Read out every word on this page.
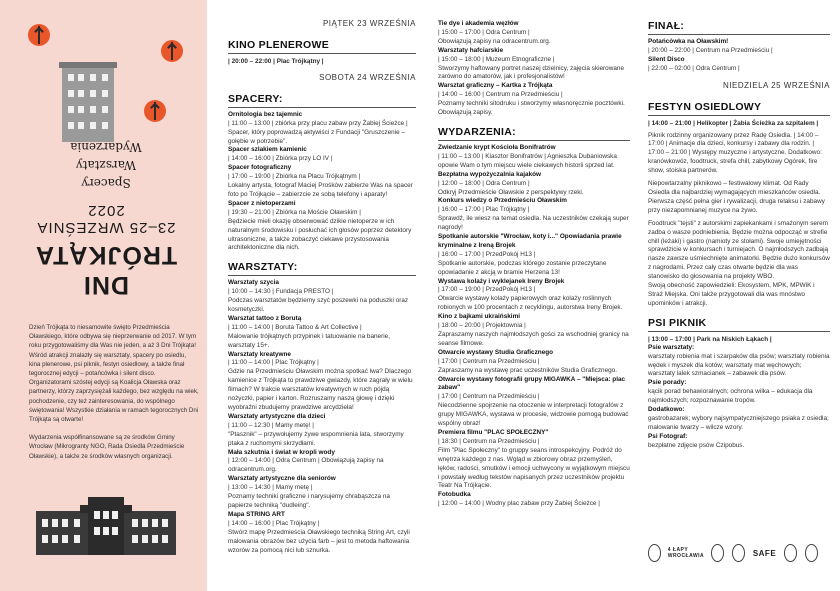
DNI TRÓJKĄTA
23–25 WRZEŚNIA 2022
Spacery
Warsztaty
Wydarzenia

Dzień Trójkąta to niesamowite święto Przedmieścia Oławskiego, które odbywa się nieprzerwanie od 2017. W tym roku przygotowaliśmy dla Was nie jeden, a aż 3 Dni Trójkąta! Wśród atrakcji znalazły się warsztaty, spacery po osiedlu, kina plenerowe, psi piknik, festyn osiedlowy, a także finał tegorocznej edycji – potańcówka i silent disco. Organizatorami szóstej edycji są Koalicja Oławska oraz partnerzy, którzy zaprzysiężali każdego, bez względu na wiek, pochodzenie, czy też zainteresowania, do wspólnego świętowania! Wszystkie działania w ramach tegorocznych Dni Trójkąta są otwarte!

Wydarzenia współfinansowane są ze środków Gminy Wrocław (Mikrogranty NGO, Rada Osiedla Przedmieście Oławskie), a także ze środków własnych organizacji.

PIĄTEK 23 WRZEŚNIA
KINO PLENEROWE
| 20:00 – 22:00 | Plac Trójkątny |
SOBOTA 24 WRZEŚNIA
SPACERY:
Ornitologia bez tajemnic
| 11:00 – 13:00 | zbiórka przy placu zabaw przy Żabiej Ścieżce |
Spacer, który poprowadzą aktywiści z Fundacji "Gruszczenie – gołębie w potrzebie".
Spacer szlakiem kamienic
| 14:00 – 16:00 | Zbiórka przy LO IV |
Spacer fotograficzny
| 17:00 – 19:00 | Zbiórka na Placu Trójkątnym |
Lokalny artysta, fotograf Maciej Prośków zabierze Was na spacer foto po Trójkącie – zabierzcie ze sobą telefony i aparaty!
Spacer z nietoperzami
| 19:30 – 21:00 | Zbiórka na Moście Oławskim |
Będziecie mieli okazję obserwować dzikie nietoperze w ich naturalnym środowisku i posłuchać ich głosów poprzez detektory ultrasoniczne, a także zobaczyć ciekawe przystosowania architektoniczne dla nich.
WARSZTATY:
Warsztaty szycia
| 10:00 – 14:30 | Fundacja PRESTO |
Podczas warsztatów będziemy szyć poszewki na poduszki oraz kosmetyczki.
Warsztat tattoo z Borutą
| 11:00 – 14:00 | Boruta Tattoo & Art Collective |
Malowanie trójkątnych przypinek i tatuowanie na banerie, warsztaty 15+.
Warsztaty kreatywne
| 11:00 – 14:00 | Plac Trójkątny |
Gdzie na Przedmieściu Oławskim można spotkać lwa? Dlaczego kamienice z Trójkąta to prawdziwe gwiazdy, które zagrały w wielu filmach? W trakcie warsztatów kreatywnych w ruch pójdą nożyczki, papier i karton. Rozruszamy naszą głowę i dzięki wyobraźni zbudujemy prawdziwe arcydzieła!
Warsztaty artystyczne dla dzieci
| 11:00 – 12:30 | Mamy metę! |
"Ptasznik" – przywołujemy żywe wspomnienia lata, stworzymy ptaka z ruchomymi skrzydłami.
Mała szkutnia i świat w kropli wody
| 12:00 – 14:00 | Odra Centrum | Obowiązują zapisy na odracentrum.org.
Warsztaty artystyczne dla seniorów
| 13:00 – 14:30 | Mamy metę |
Poznamy techniki graficzne i narysujemy chrabąszcza na papierze techniką "dudleing".
Mapa STRING ART
| 14:00 – 16:00 | Plac Trójkątny |
Stwórz mapę Przedmieścia Oławskiego techniką String Art, czyli malowania obrazów bez użycia farb – jest to metoda haftowania wzorów za pomocą nici lub sznurka.
Tie dye i akademia węzłów
| 15:00 – 17:00 | Odra Centrum |
Obowiązują zapisy na odracentrum.org.
Warsztaty hafciarskie
| 15:00 – 18:00 | Muzeum Etnograficzne |
Stworzymy haftowany portret naszej dzielnicy, zajęcia skierowane zarówno do amatorów, jak i profesjonalistów!
Warsztat graficzny – Kartka z Trójkąta
| 14:00 – 16:00 | Centrum na Przedmieściu |
Poznamy techniki sitodruku i stworzymy własnoręcznie pocztówki. Obowiązują zapisy.
WYDARZENIA:
Zwiedzanie krypt Kościoła Bonifratrów
| 11:00 – 13:00 | Klasztor Bonifratrów | Agnieszka Dubaniowska opowie Wam o tym miejscu wiele ciekawych historii sprzed lat.
Bezpłatna wypożyczalnia kajaków
| 12:00 – 18:00 | Odra Centrum |
Odkryj Przedmieście Oławskie z perspektywy rzeki.
Konkurs wiedzy o Przedmieściu Oławskim
| 16:00 – 17:00 | Plac Trójkątny |
Sprawdź, ile wiesz na temat osiedla. Na uczestników czekają super nagrody!
Spotkanie autorskie "Wrocław, koty i..." Opowiadania prawie kryminalne z Ireną Brojek
| 16:00 – 17:00 | PrzedPokój H13 |
Spotkanie autorskie, podczas którego zostanie przeczytane opowiadanie z akcją w bramie Herzena 13!
Wystawa kolaży i wyklejanek Ireny Brojek
| 17:00 – 19:00 | PrzedPokój H13 |
Otwarcie wystawy kolaży papierowych oraz kolaży roślinnych robionych w 100 procentach z recyklingu, autorstwa Ireny Brojek.
Kino z bajkami ukraińskimi
| 18:00 – 20:00 | Projektownia |
Zapraszamy naszych najmłodszych gości za wschodniej granicy na seanse filmowe.
Otwarcie wystawy Studia Graficznego
| 17:00 | Centrum na Przedmieściu |
Zapraszamy na wystawę prac uczestników Studia Graficznego.
Otwarcie wystawy fotografii grupy MIGAWKA – "Miejsca: plac zabaw"
| 17:00 | Centrum na Przedmieściu |
Niecodzienne spojrzenie na otoczenie w interpretacji fotografów z grupy MIGAWKA, wystawa w procesie, widzowie pomogą budować wspólny obraz!
Premiera filmu "PLAC SPOŁECZNY"
| 18:30 | Centrum na Przedmieściu |
Film "Plac Społeczny" to gruppy seans introspekcyjny. Podróż do wnętrza każdego z nas. Wgląd w zbiorowy obraz przemyśleń, lęków, radości, smutków i emocji uchwycony w wyjątkowym miejscu i powstały według tekstów napisanych przez uczestników projektu Teatr Na Trójkącie.
Fotobudka
| 12:00 – 14:00 | Wodny plac zabaw przy Żabiej Ścieżce |
FINAŁ:
Potańcówka na Oławskim!
| 20:00 – 22:00 | Centrum na Przedmieściu |
Silent Disco
| 22:00 – 02:00 | Odra Centrum |
NIEDZIELA 25 WRZEŚNIA
FESTYN OSIEDLOWY
| 14:00 – 21:00 | Helikopter | Żabia Ścieżka za szpitalem |
Piknik rodzinny organizowany przez Radę Osiedla. | 14:00 – 17:00 | Animacje dla dzieci, konkursy i zabawy dla rodzin. | 17:00 – 21:00 | Występy muzyczne i artystyczne. Dodatkowo: kranówkowóz, foodtruck, strefa chill, zabytkowy Ogórek, fire show, stoiska partnerów.
Niepowtarzalny piknikowo – festiwalowy klimat. Od Rady Osiedla dla najbardziej wymagających mieszkańców osiedla. Pierwsza część pełna gier i rywalizacji, druga relaksu i zabawy przy niezapomnianej muzyce na żywo.
Foodtruck "tejsti" z autorskimi zapiekankami i smażonym serem zadba o wasze podniebienia. Będzie można odpocząć w strefie chill (leżaki) i gastro (namioty ze stołami). Swoje umiejętności sprawdzicie w konkursach i turniejach. O najmłodszych zadbają nasze zawsze uśmiechnięte animatorki. Będzie dużo konkursów z nagrodami. Przez cały czas otwarte będzie dla was stanowisko do głosowania na projekty WBO.
Swoją obecność zapowiedzieli: Ekosystem, MPK, MPWiK i Straż Miejska. Oni także przygotowali dla was mnóstwo upominków i atrakcji.
PSI PIKNIK
| 13:00 – 17:00 | Park na Niskich Łąkach |
Psie warsztaty:
warsztaty robienia mat i szarpaków dla psów; warsztaty robienia wędek i myszek dla kotów; warsztaty mat węchowych; warsztaty lalek szmacianek – zabawek dla psów.
Psie porady:
kącik porad behawioralnych; ochrona wilka – edukacja dla najmłodszych; rozpoznawanie tropów.
Dodatkowo:
gastrobazarek; wybory najsympatyczniejszego psiaka z osiedla; malowanie twarzy – wilcze wzory.
Psi Fotograf:
bezpłatne zdjęcie psów Czipobus.
4 ŁAPY WROCŁAWIA	SAFE
